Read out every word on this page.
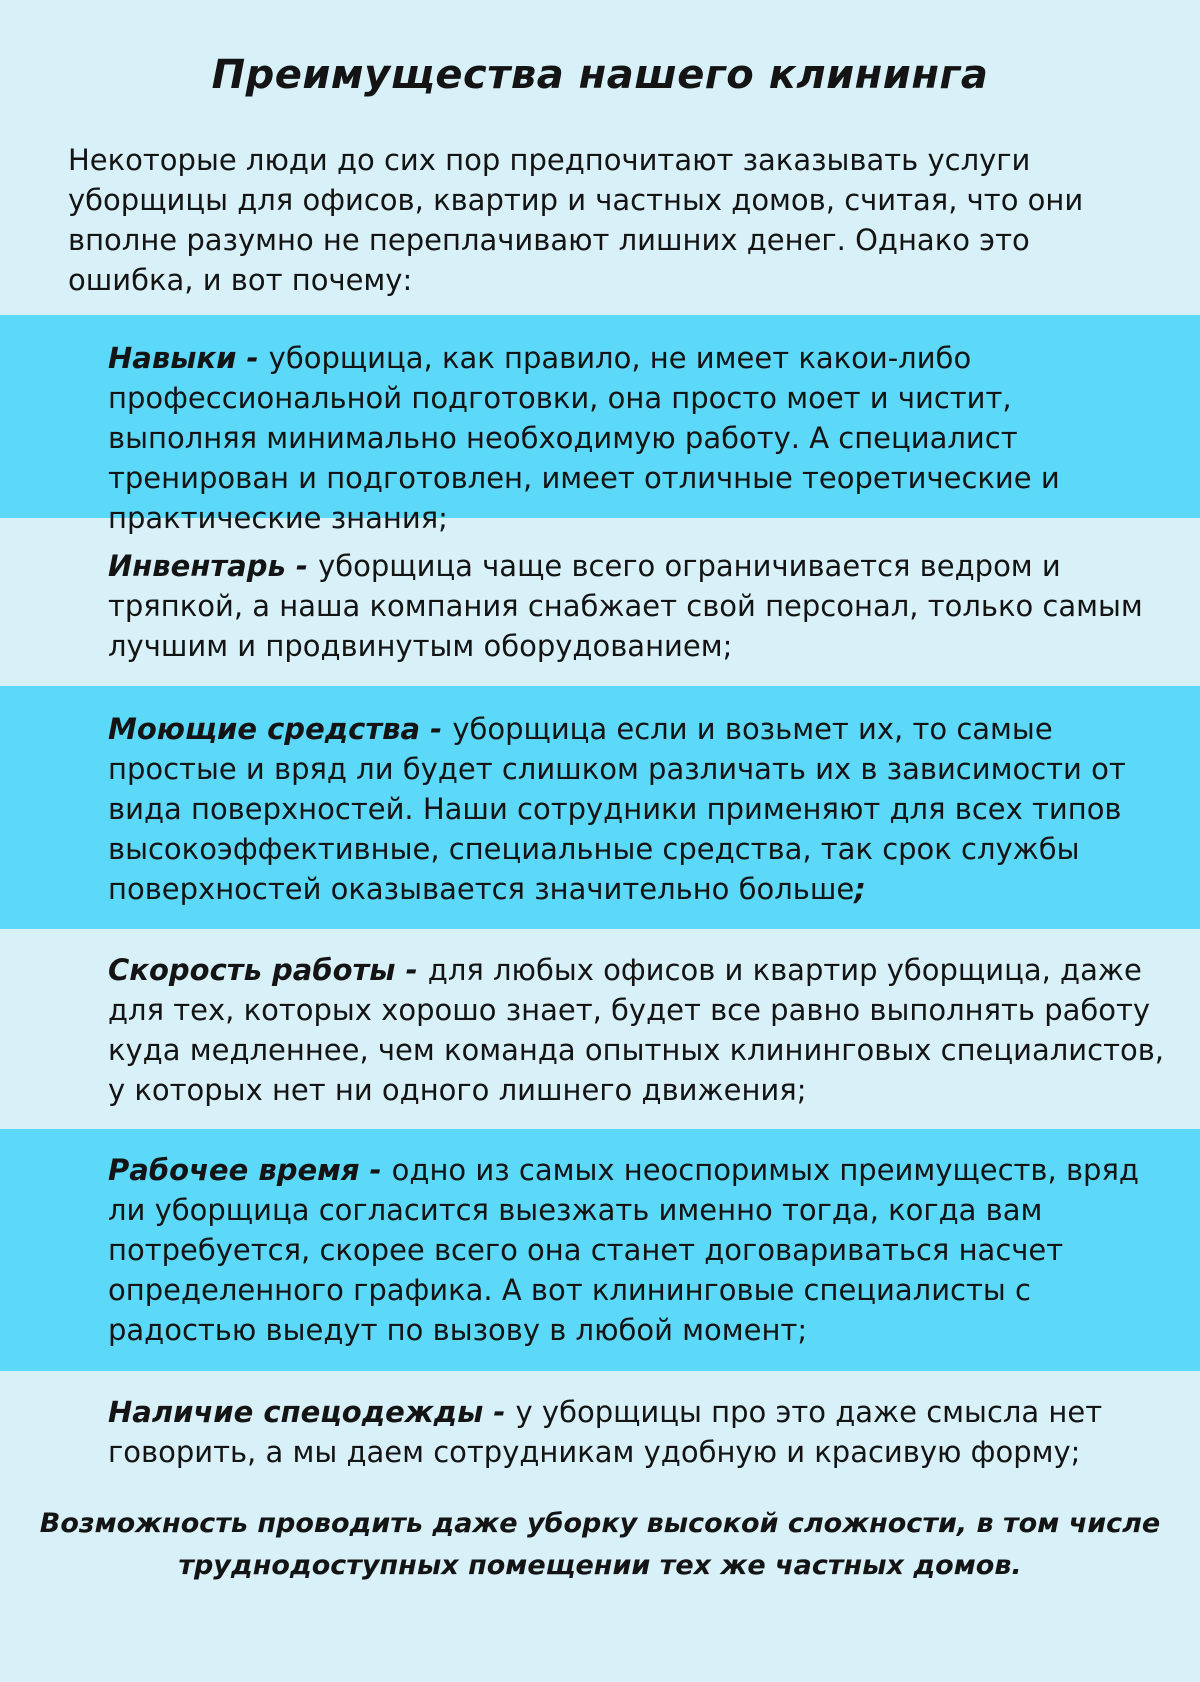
Преимущества нашего клининга

Некоторые люди до сих пор предпочитают заказывать услуги уборщицы для офисов, квартир и частных домов, считая, что они вполне разумно не переплачивают лишних денег. Однако это ошибка, и вот почему:

Навыки - уборщица, как правило, не имеет какои-либо профессиональной подготовки, она просто моет и чистит, выполняя минимально необходимую работу. А специалист тренирован и подготовлен, имеет отличные теоретические и практические знания;

Инвентарь - уборщица чаще всего ограничивается ведром и тряпкой, а наша компания снабжает свой персонал, только самым лучшим и продвинутым оборудованием;

Моющие средства - уборщица если и возьмет их, то самые простые и вряд ли будет слишком различать их в зависимости от вида поверхностей. Наши сотрудники применяют для всех типов высокоэффективные, специальные средства, так срок службы поверхностей оказывается значительно больше;

Скорость работы - для любых офисов и квартир уборщица, даже для тех, которых хорошо знает, будет все равно выполнять работу куда медленнее, чем команда опытных клининговых специалистов, у которых нет ни одного лишнего движения;

Рабочее время - одно из самых неоспоримых преимуществ, вряд ли уборщица согласится выезжать именно тогда, когда вам потребуется, скорее всего она станет договариваться насчет определенного графика. А вот клининговые специалисты с радостью выедут по вызову в любой момент;

Наличие спецодежды - у уборщицы про это даже смысла нет говорить, а мы даем сотрудникам удобную и красивую форму;

Возможность проводить даже уборку высокой сложности, в том числе труднодоступных помещении тех же частных домов.
